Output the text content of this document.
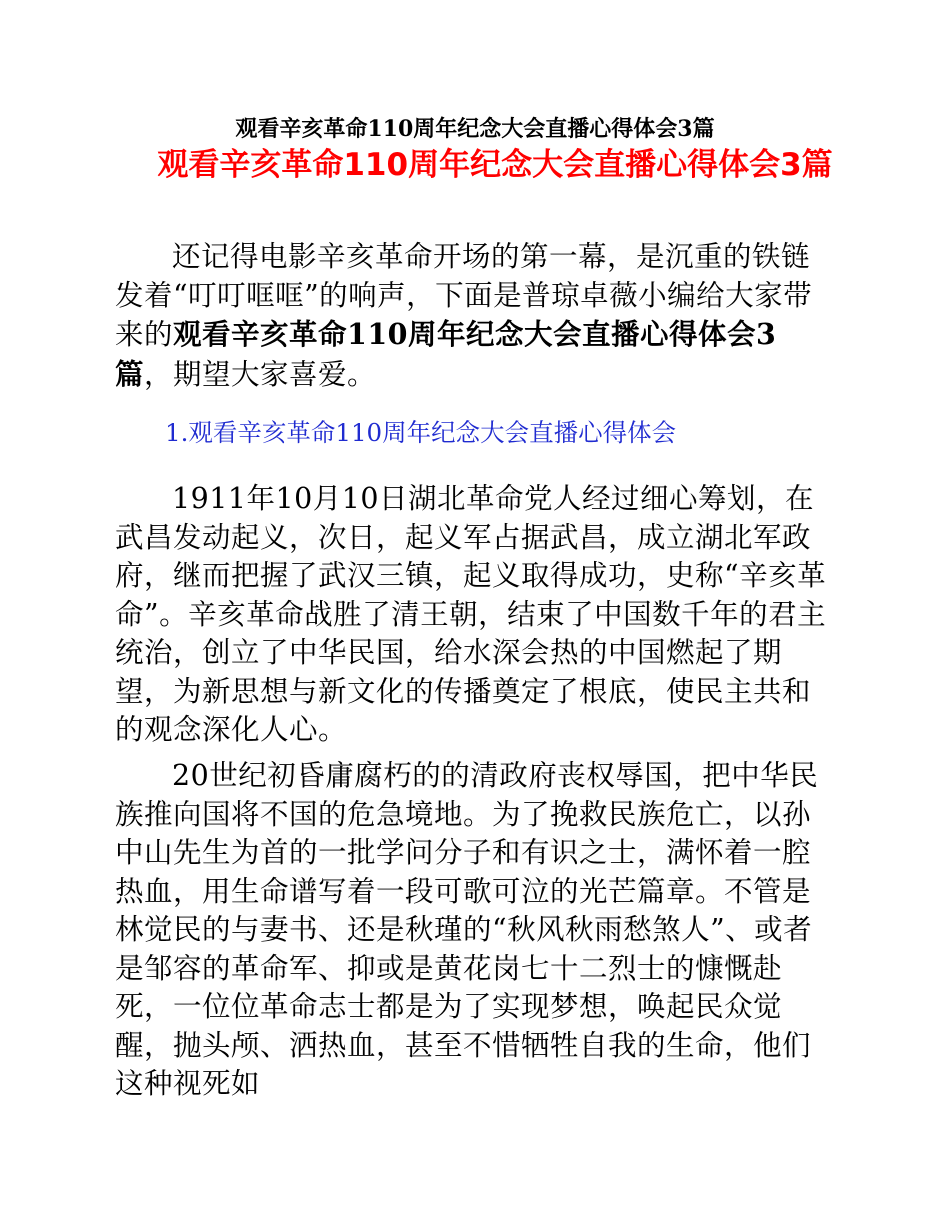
观看辛亥革命110周年纪念大会直播心得体会3篇
观看辛亥革命110周年纪念大会直播心得体会3篇

还记得电影辛亥革命开场的第一幕，是沉重的铁链发着“叮叮哐哐”的响声，下面是普琼卓薇小编给大家带来的观看辛亥革命110周年纪念大会直播心得体会3篇，期望大家喜爱。

1.观看辛亥革命110周年纪念大会直播心得体会

1911年10月10日湖北革命党人经过细心筹划，在武昌发动起义，次日，起义军占据武昌，成立湖北军政府，继而把握了武汉三镇，起义取得成功，史称“辛亥革命”。辛亥革命战胜了清王朝，结束了中国数千年的君主统治，创立了中华民国，给水深会热的中国燃起了期望，为新思想与新文化的传播奠定了根底，使民主共和的观念深化人心。

20世纪初昏庸腐朽的的清政府丧权辱国，把中华民族推向国将不国的危急境地。为了挽救民族危亡，以孙中山先生为首的一批学问分子和有识之士，满怀着一腔热血，用生命谱写着一段可歌可泣的光芒篇章。不管是林觉民的与妻书、还是秋瑾的“秋风秋雨愁煞人”、或者是邹容的革命军、抑或是黄花岗七十二烈士的慷慨赴死，一位位革命志士都是为了实现梦想，唤起民众觉醒，抛头颅、洒热血，甚至不惜牺牲自我的生命，他们这种视死如
